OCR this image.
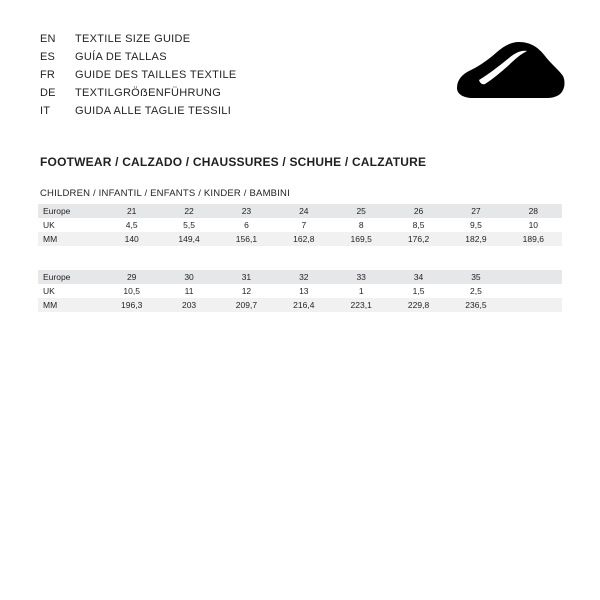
EN	TEXTILE SIZE GUIDE
ES	GUÍA DE TALLAS
FR	GUIDE DES TAILLES TEXTILE
DE	TEXTILGRÖẞENFÜHRUNG
IT	GUIDA ALLE TAGLIE TESSILI
FOOTWEAR / CALZADO / CHAUSSURES / SCHUHE / CALZATURE
CHILDREN / INFANTIL / ENFANTS / KINDER / BAMBINI
Europe	21	22	23	24	25	26	27	28
UK	4,5	5,5	6	7	8	8,5	9,5	10
MM	140	149,4	156,1	162,8	169,5	176,2	182,9	189,6
Europe	29	30	31	32	33	34	35	
UK	10,5	11	12	13	1	1,5	2,5	
MM	196,3	203	209,7	216,4	223,1	229,8	236,5	
